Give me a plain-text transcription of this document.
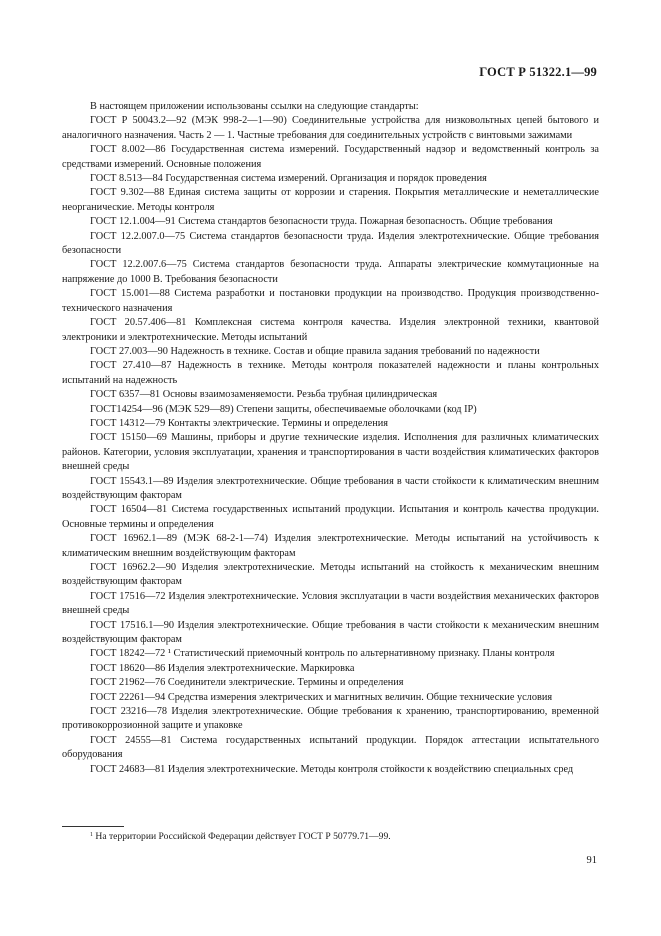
ГОСТ Р 51322.1—99

В настоящем приложении использованы ссылки на следующие стандарты:

ГОСТ Р 50043.2—92 (МЭК 998-2—1—90) Соединительные устройства для низковольтных цепей бытового и аналогичного назначения. Часть 2 — 1. Частные требования для соединительных устройств с винтовыми зажимами

ГОСТ 8.002—86 Государственная система измерений. Государственный надзор и ведомственный контроль за средствами измерений. Основные положения

ГОСТ 8.513—84 Государственная система измерений. Организация и порядок проведения

ГОСТ 9.302—88 Единая система защиты от коррозии и старения. Покрытия металлические и неметаллические неорганические. Методы контроля

ГОСТ 12.1.004—91 Система стандартов безопасности труда. Пожарная безопасность. Общие требования

ГОСТ 12.2.007.0—75 Система стандартов безопасности труда. Изделия электротехнические. Общие требования безопасности

ГОСТ 12.2.007.6—75 Система стандартов безопасности труда. Аппараты электрические коммутационные на напряжение до 1000 В. Требования безопасности

ГОСТ 15.001—88 Система разработки и постановки продукции на производство. Продукция производственно-технического назначения

ГОСТ 20.57.406—81 Комплексная система контроля качества. Изделия электронной техники, квантовой электроники и электротехнические. Методы испытаний

ГОСТ 27.003—90 Надежность в технике. Состав и общие правила задания требований по надежности

ГОСТ 27.410—87 Надежность в технике. Методы контроля показателей надежности и планы контрольных испытаний на надежность

ГОСТ 6357—81 Основы взаимозаменяемости. Резьба трубная цилиндрическая

ГОСТ14254—96 (МЭК 529—89) Степени защиты, обеспечиваемые оболочками (код IP)

ГОСТ 14312—79 Контакты электрические. Термины и определения

ГОСТ 15150—69 Машины, приборы и другие технические изделия. Исполнения для различных климатических районов. Категории, условия эксплуатации, хранения и транспортирования в части воздействия климатических факторов внешней среды

ГОСТ 15543.1—89 Изделия электротехнические. Общие требования в части стойкости к климатическим внешним воздействующим факторам

ГОСТ 16504—81 Система государственных испытаний продукции. Испытания и контроль качества продукции. Основные термины и определения

ГОСТ 16962.1—89 (МЭК 68-2-1—74) Изделия электротехнические. Методы испытаний на устойчивость к климатическим внешним воздействующим факторам

ГОСТ 16962.2—90 Изделия электротехнические. Методы испытаний на стойкость к механическим внешним воздействующим факторам

ГОСТ 17516—72 Изделия электротехнические. Условия эксплуатации в части воздействия механических факторов внешней среды

ГОСТ 17516.1—90 Изделия электротехнические. Общие требования в части стойкости к механическим внешним воздействующим факторам

ГОСТ 18242—72 ¹ Статистический приемочный контроль по альтернативному признаку. Планы контроля

ГОСТ 18620—86 Изделия электротехнические. Маркировка

ГОСТ 21962—76 Соединители электрические. Термины и определения

ГОСТ 22261—94 Средства измерения электрических и магнитных величин. Общие технические условия

ГОСТ 23216—78 Изделия электротехнические. Общие требования к хранению, транспортированию, временной противокоррозионной защите и упаковке

ГОСТ 24555—81 Система государственных испытаний продукции. Порядок аттестации испытательного оборудования

ГОСТ 24683—81 Изделия электротехнические. Методы контроля стойкости к воздействию специальных сред

$^1$ На территории Российской Федерации действует ГОСТ Р 50779.71—99.
91
